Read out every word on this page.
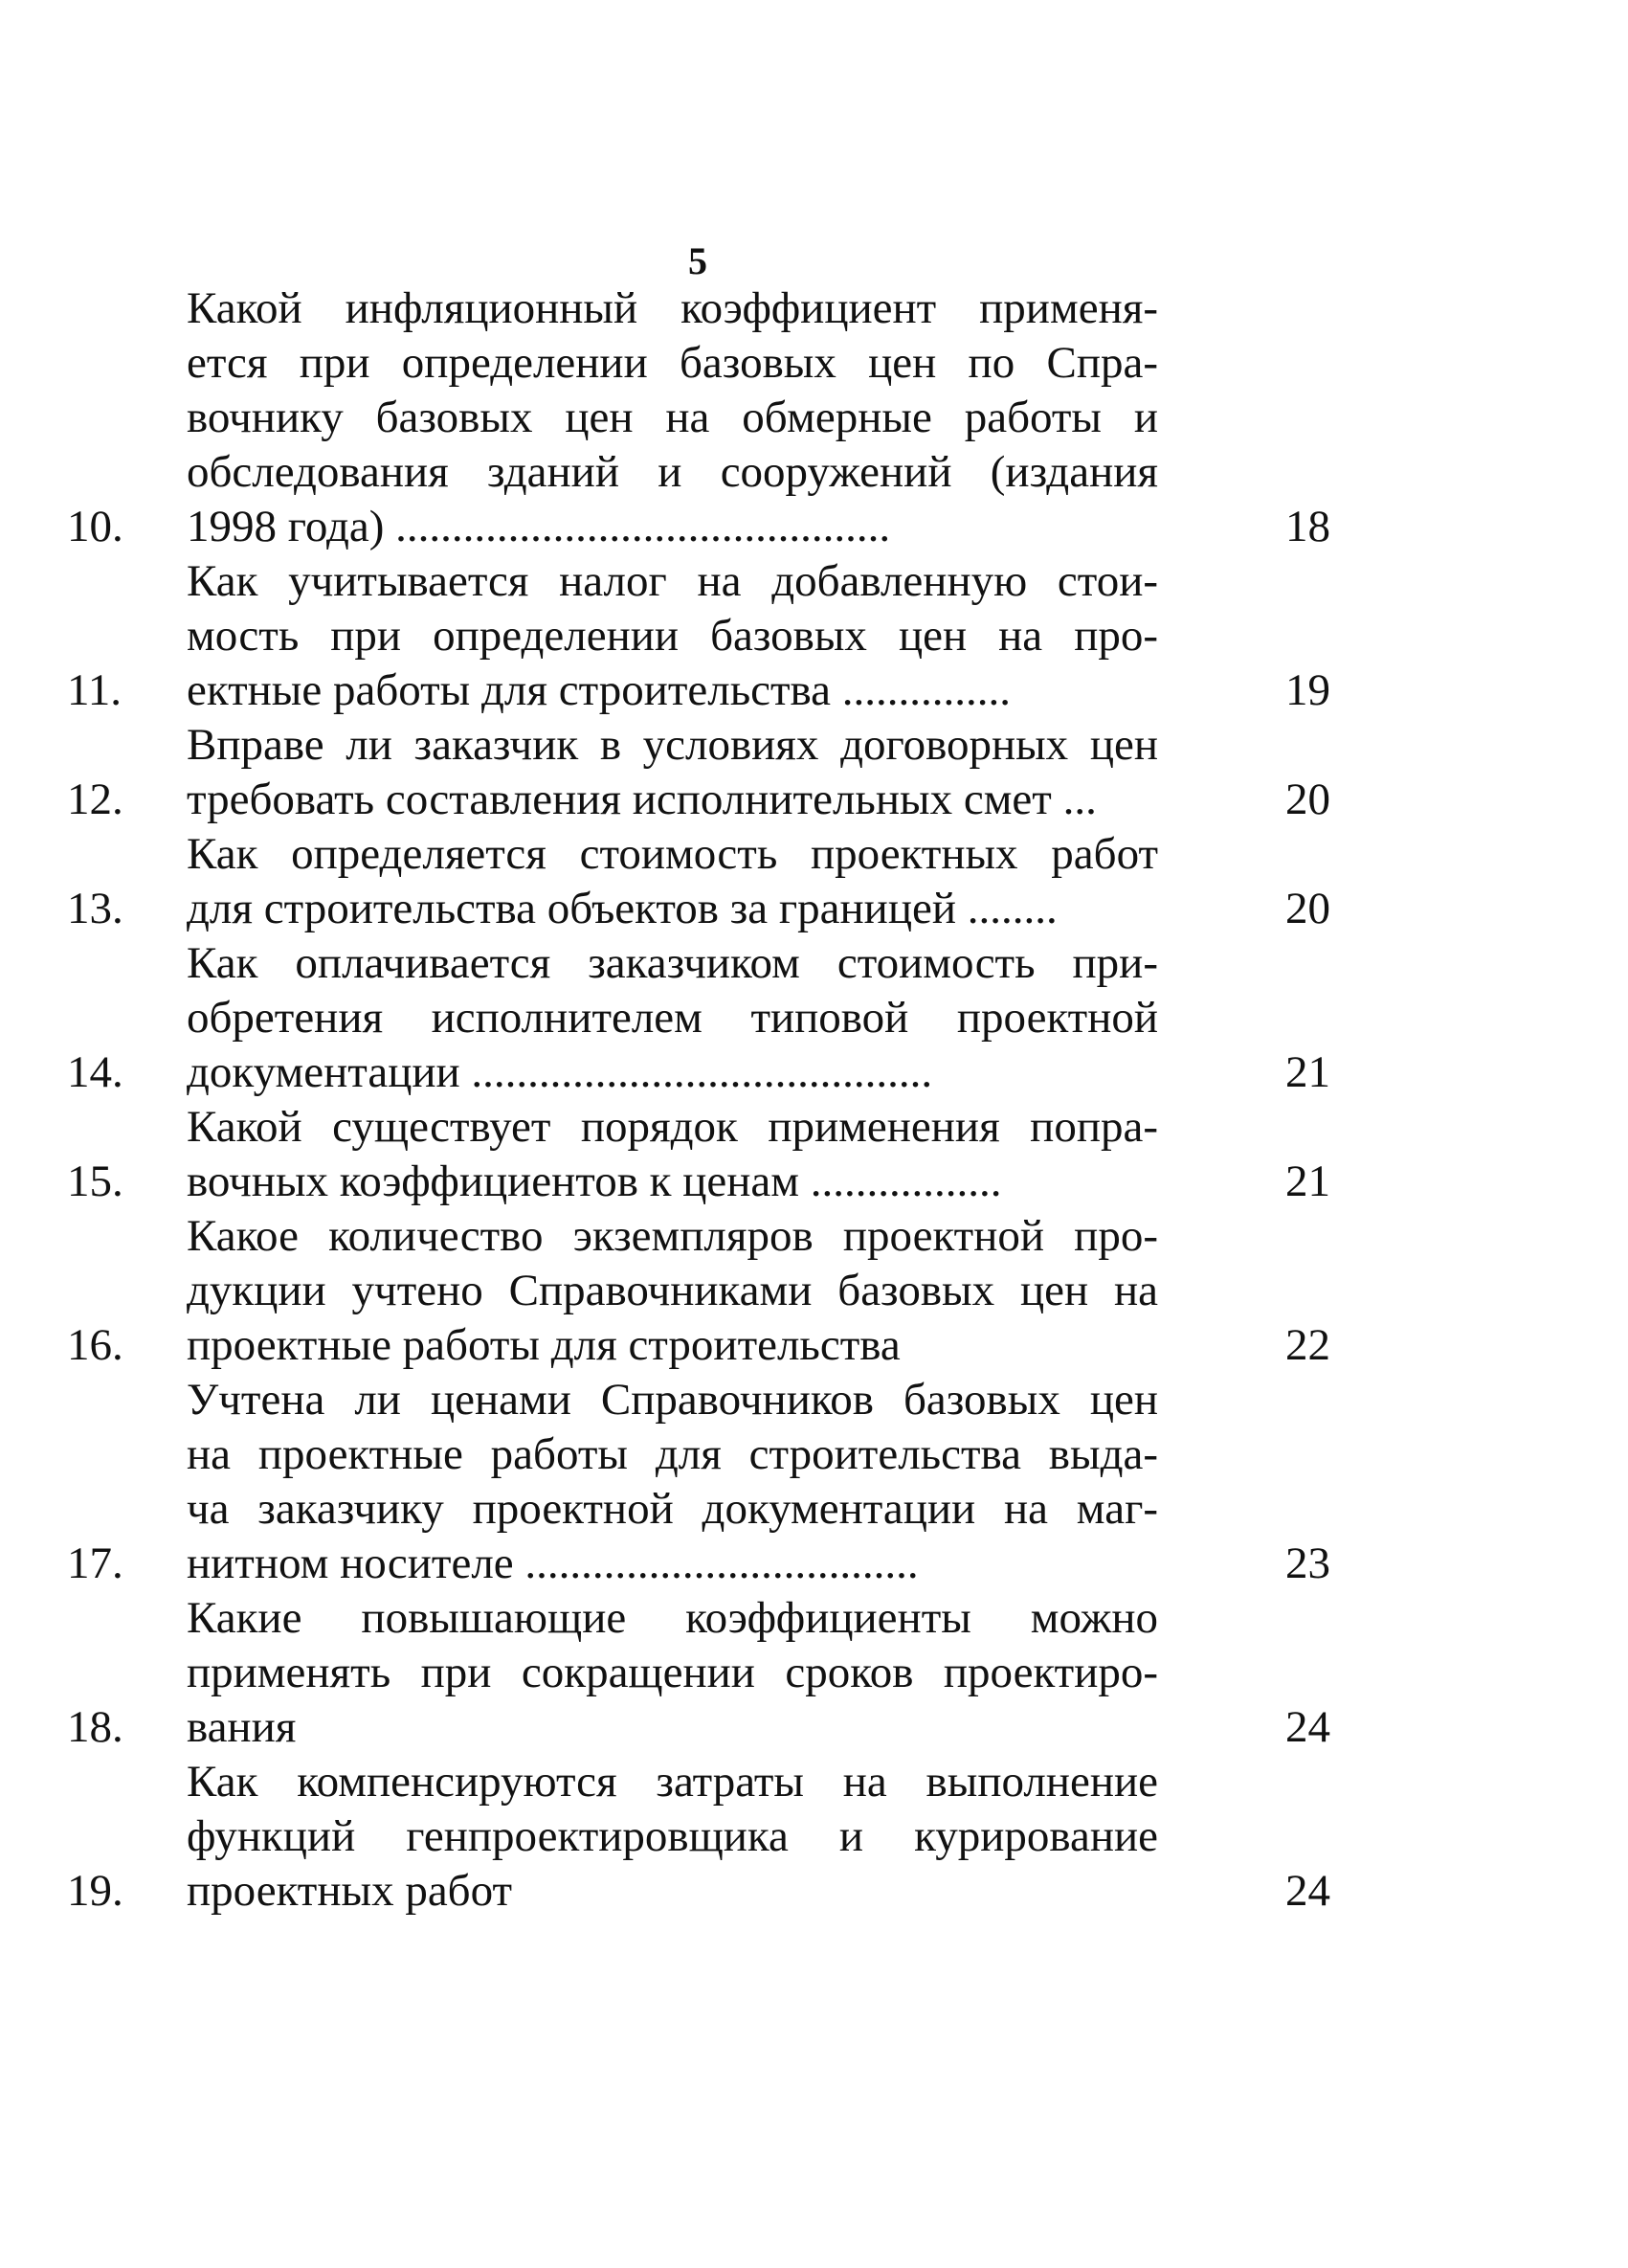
5
10.
Какой инфляционный коэффициент применя-
ется при определении базовых цен по Спра-
вочнику базовых цен на обмерные работы и
обследования зданий и сооружений (издания
1998 года) ............................................	18
11.
Как учитывается налог на добавленную стои-
мость при определении базовых цен на про-
ектные работы для строительства ...............	19
12.
Вправе ли заказчик в условиях договорных цен
требовать составления исполнительных смет ...	20
13.
Как определяется стоимость проектных работ
для строительства объектов за границей ........	20
14.
Как оплачивается заказчиком стоимость при-
обретения исполнителем типовой проектной
документации .........................................	21
15.
Какой существует порядок применения попра-
вочных коэффициентов к ценам .................	21
16.
Какое количество экземпляров проектной про-
дукции учтено Справочниками базовых цен на
проектные работы для строительства	22
17.
Учтена ли ценами Справочников базовых цен
на проектные работы для строительства выда-
ча заказчику проектной документации на маг-
нитном носителе ...................................	23
18.
Какие повышающие коэффициенты можно
применять при сокращении сроков проектиро-
вания	24
19.
Как компенсируются затраты на выполнение
функций генпроектировщика и курирование
проектных работ	24
